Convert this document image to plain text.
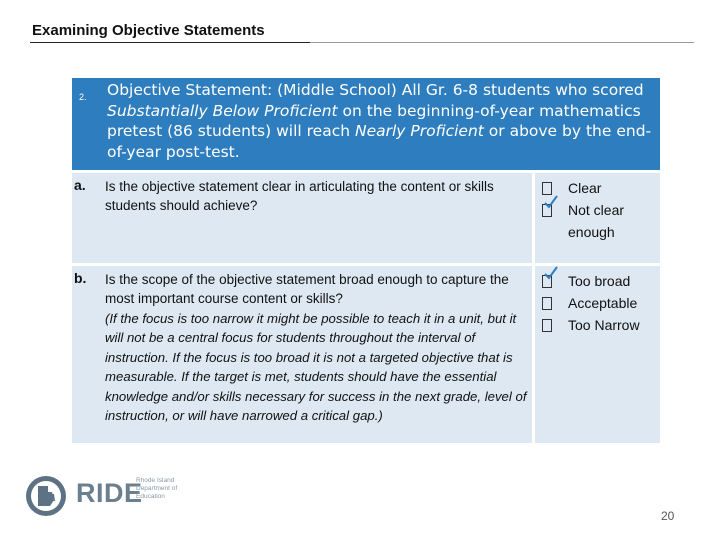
Examining Objective Statements
2. Objective Statement: (Middle School) All Gr. 6-8 students who scored Substantially Below Proficient on the beginning-of-year mathematics pretest (86 students) will reach Nearly Proficient or above by the end-of-year post-test.
a. Is the objective statement clear in articulating the content or skills students should achieve?
Clear
Not clear enough
b. Is the scope of the objective statement broad enough to capture the most important course content or skills?
(If the focus is too narrow it might be possible to teach it in a unit, but it will not be a central focus for students throughout the interval of instruction. If the focus is too broad it is not a targeted objective that is measurable. If the target is met, students should have the essential knowledge and/or skills necessary for success in the next grade, level of instruction, or will have narrowed a critical gap.)
Too broad
Acceptable
Too Narrow
RIDE
Rhode Island Department of Education
20
